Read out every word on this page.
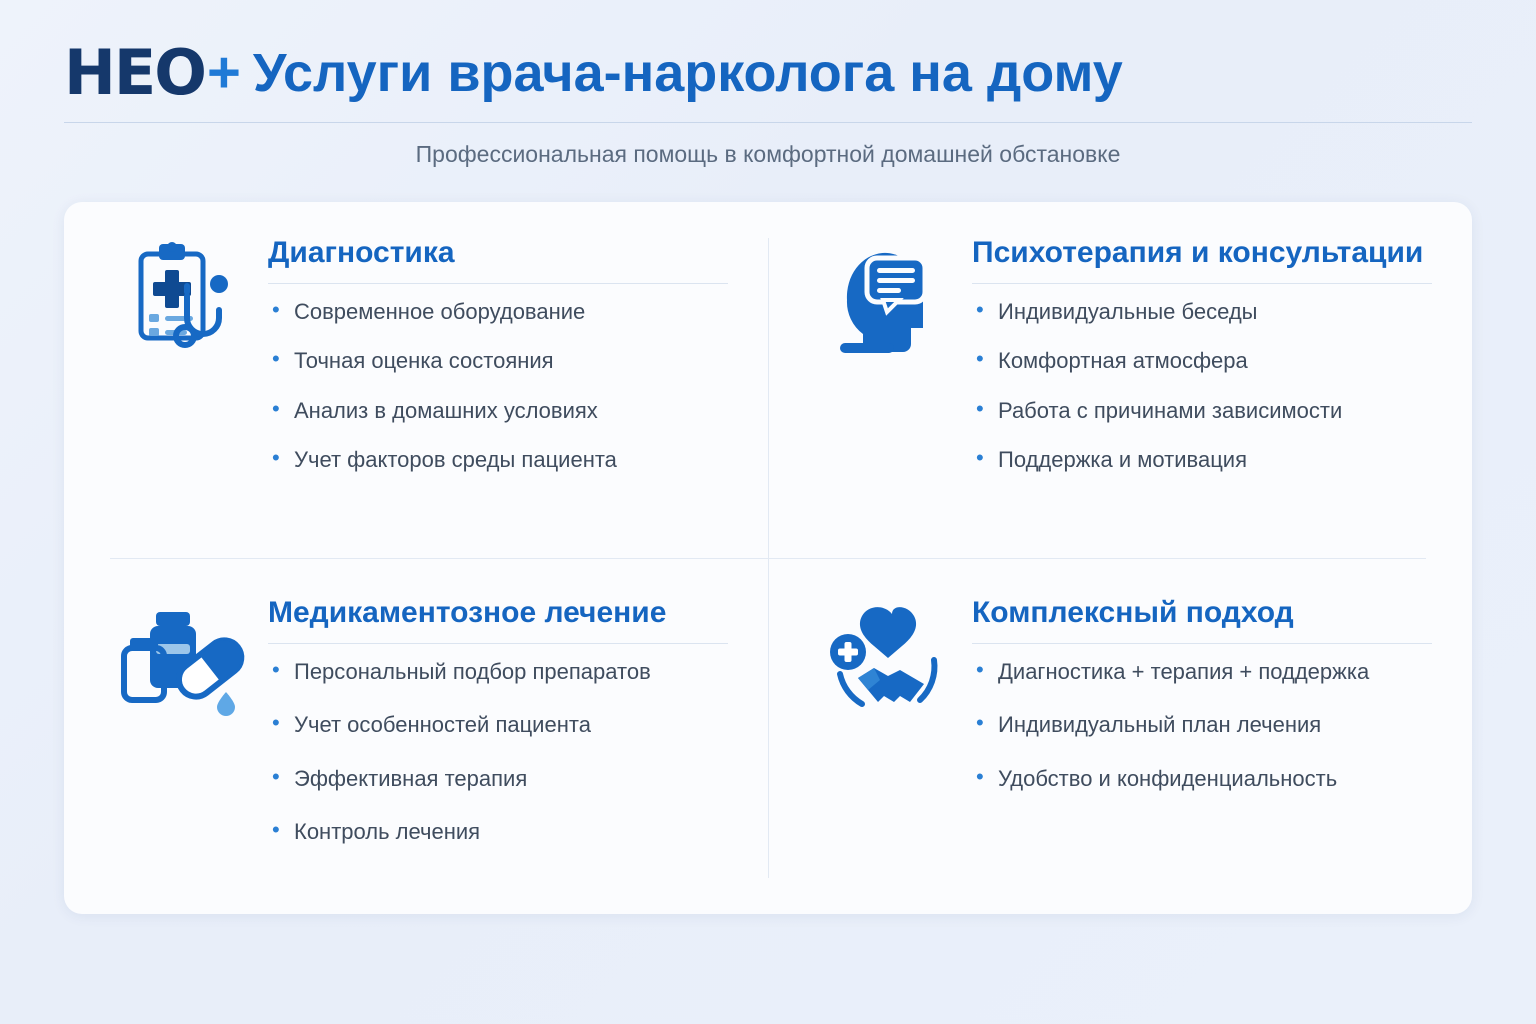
HEO + Услуги врача-нарколога на дому
Профессиональная помощь в комфортной домашней обстановке
Диагностика
• Современное оборудование
• Точная оценка состояния
• Анализ в домашних условиях
• Учет факторов среды пациента
Психотерапия и консультации
• Индивидуальные беседы
• Комфортная атмосфера
• Работа с причинами зависимости
• Поддержка и мотивация
Медикаментозное лечение
• Персональный подбор препаратов
• Учет особенностей пациента
• Эффективная терапия
• Контроль лечения
Комплексный подход
• Диагностика + терапия + поддержка
• Индивидуальный план лечения
• Удобство и конфиденциальность
